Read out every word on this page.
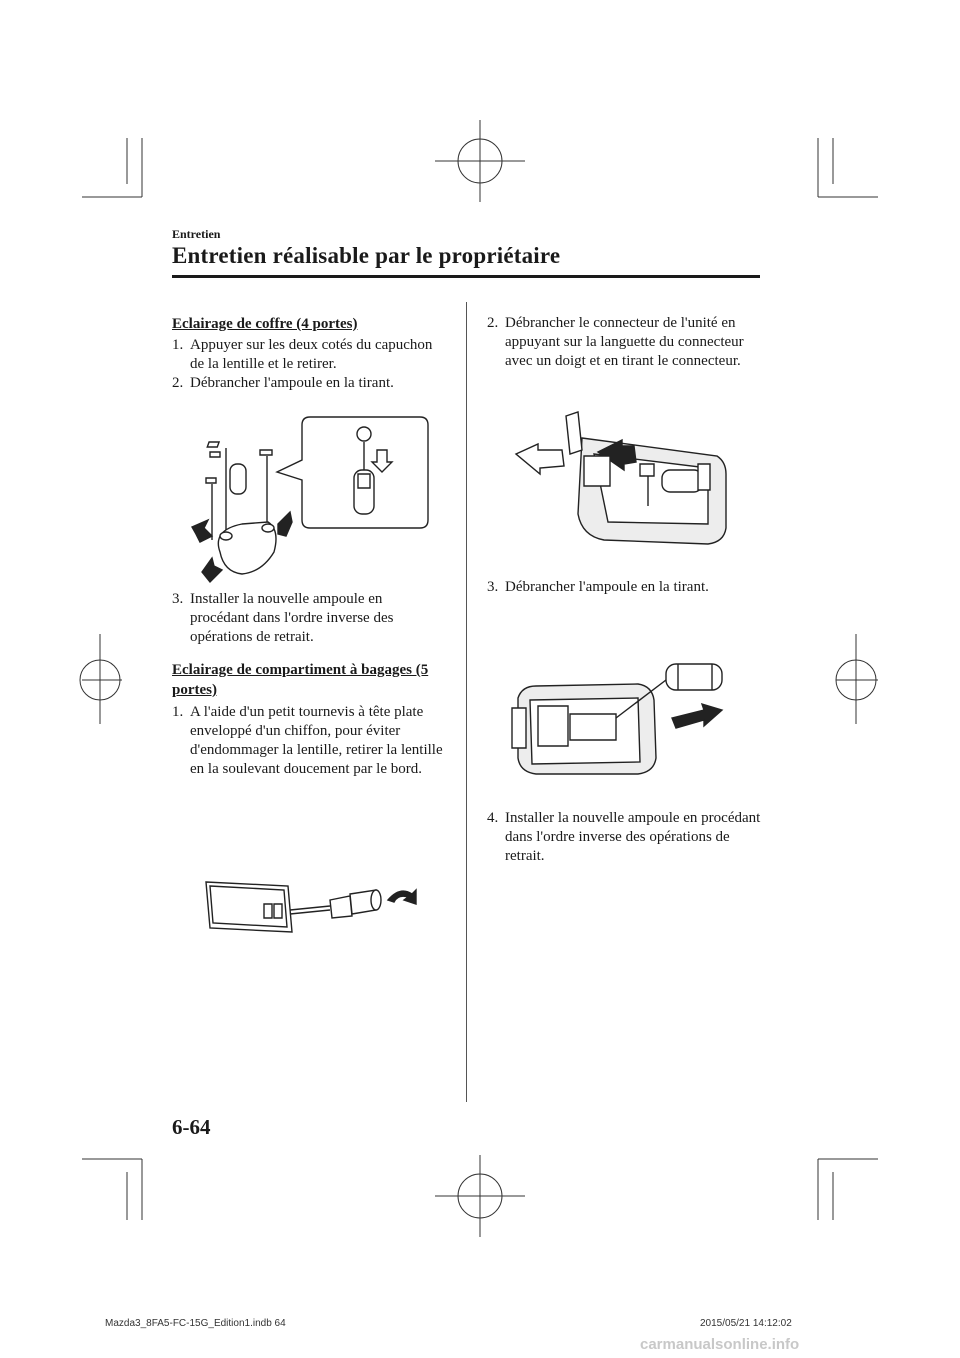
Entretien
Entretien réalisable par le propriétaire
Eclairage de coffre (4 portes)
1. Appuyer sur les deux cotés du capuchon de la lentille et le retirer.
2. Débrancher l'ampoule en la tirant.
3. Installer la nouvelle ampoule en procédant dans l'ordre inverse des opérations de retrait.
Eclairage de compartiment à bagages (5 portes)
1. A l'aide d'un petit tournevis à tête plate enveloppé d'un chiffon, pour éviter d'endommager la lentille, retirer la lentille en la soulevant doucement par le bord.
2. Débrancher le connecteur de l'unité en appuyant sur la languette du connecteur avec un doigt et en tirant le connecteur.
3. Débrancher l'ampoule en la tirant.
4. Installer la nouvelle ampoule en procédant dans l'ordre inverse des opérations de retrait.
6-64
Mazda3_8FA5-FC-15G_Edition1.indb 64	2015/05/21 14:12:02
carmanualsonline.info
